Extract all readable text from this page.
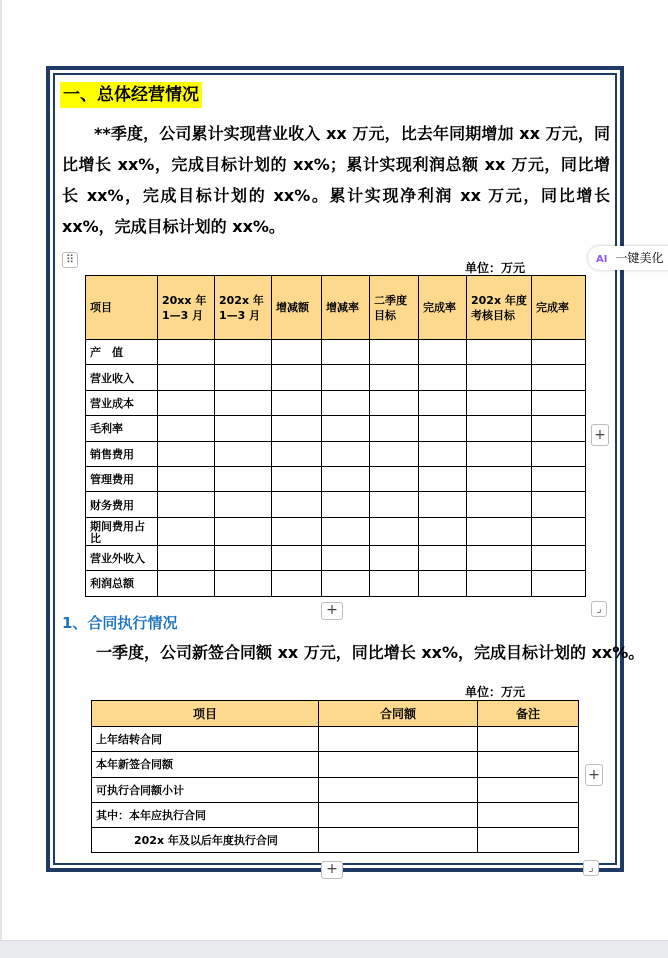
一、总体经营情况

**季度，公司累计实现营业收入 xx 万元，比去年同期增加 xx 万元，同比增长 xx%，完成目标计划的 xx%；累计实现利润总额 xx 万元，同比增长 xx%，完成目标计划的 xx%。累计实现净利润 xx 万元，同比增长 xx%，完成目标计划的 xx%。

⠿	AI 一键美化
单位：万元
项目	20xx 年 1—3 月	202x 年 1—3 月	增减额	增减率	二季度目标	完成率	202x 年度考核目标	完成率
产　值								
营业收入								
营业成本								
毛利率								
销售费用								
管理费用								
财务费用								
期间费用占比								
营业外收入								
利润总额								
+
+	⌟
1、合同执行情况
一季度，公司新签合同额 xx 万元，同比增长 xx%，完成目标计划的 xx%。
单位：万元
项目	合同额	备注
上年结转合同		
本年新签合同额		
可执行合同额小计		
其中：本年应执行合同		
202x 年及以后年度执行合同		
+
+	⌟
